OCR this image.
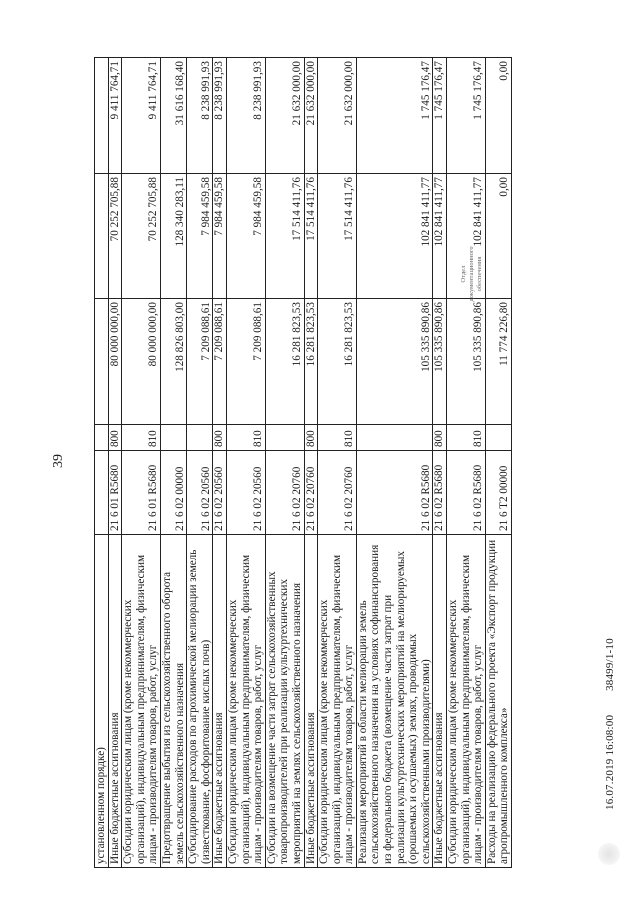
39
установленном порядке)					
Иные бюджетные ассигнования	21 6 01 R5680	800	80 000 000,00	70 252 705,88	9 411 764,71
Субсидии юридическим лицам (кроме некоммерческих организаций), индивидуальным предпринимателям, физическим лицам - производителям товаров, работ, услуг	21 6 01 R5680	810	80 000 000,00	70 252 705,88	9 411 764,71
Предотвращение выбытия из сельскохозяйственного оборота земель сельскохозяйственного назначения	21 6 02 00000		128 826 803,00	128 340 283,11	31 616 168,40
Субсидирование расходов по агрохимической мелиорации земель (известкование, фосфоритование кислых почв)	21 6 02 20560		7 209 088,61	7 984 459,58	8 238 991,93
Иные бюджетные ассигнования	21 6 02 20560	800	7 209 088,61	7 984 459,58	8 238 991,93
Субсидии юридическим лицам (кроме некоммерческих организаций), индивидуальным предпринимателям, физическим лицам - производителям товаров, работ, услуг	21 6 02 20560	810	7 209 088,61	7 984 459,58	8 238 991,93
Субсидии на возмещение части затрат сельскохозяйственных товаропроизводителей при реализации культуртехнических мероприятий на землях сельскохозяйственного назначения	21 6 02 20760		16 281 823,53	17 514 411,76	21 632 000,00
Иные бюджетные ассигнования	21 6 02 20760	800	16 281 823,53	17 514 411,76	21 632 000,00
Субсидии юридическим лицам (кроме некоммерческих организаций), индивидуальным предпринимателям, физическим лицам - производителям товаров, работ, услуг	21 6 02 20760	810	16 281 823,53	17 514 411,76	21 632 000,00
Реализация мероприятий в области мелиорации земель сельскохозяйственного назначения на условиях софинансирования из федерального бюджета (возмещение части затрат при реализации культуртехнических мероприятий на мелиорируемых (орошаемых и осушаемых) землях, проводимых сельскохозяйственными производителями)	21 6 02 R5680		105 335 890,86	102 841 411,77	1 745 176,47
Иные бюджетные ассигнования	21 6 02 R5680	800	105 335 890,86	102 841 411,77	1 745 176,47
Субсидии юридическим лицам (кроме некоммерческих организаций), индивидуальным предпринимателям, физическим лицам - производителям товаров, работ, услуг	21 6 02 R5680	810	105 335 890,86	102 841 411,77	1 745 176,47
Расходы на реализацию федерального проекта «Экспорт продукции агропромышленного комплекса»	21 6 T2 00000		11 774 226,80	0,00	0,00
Отдел документационного обеспечения
16.07.2019 16:08:00  38499/1-10
